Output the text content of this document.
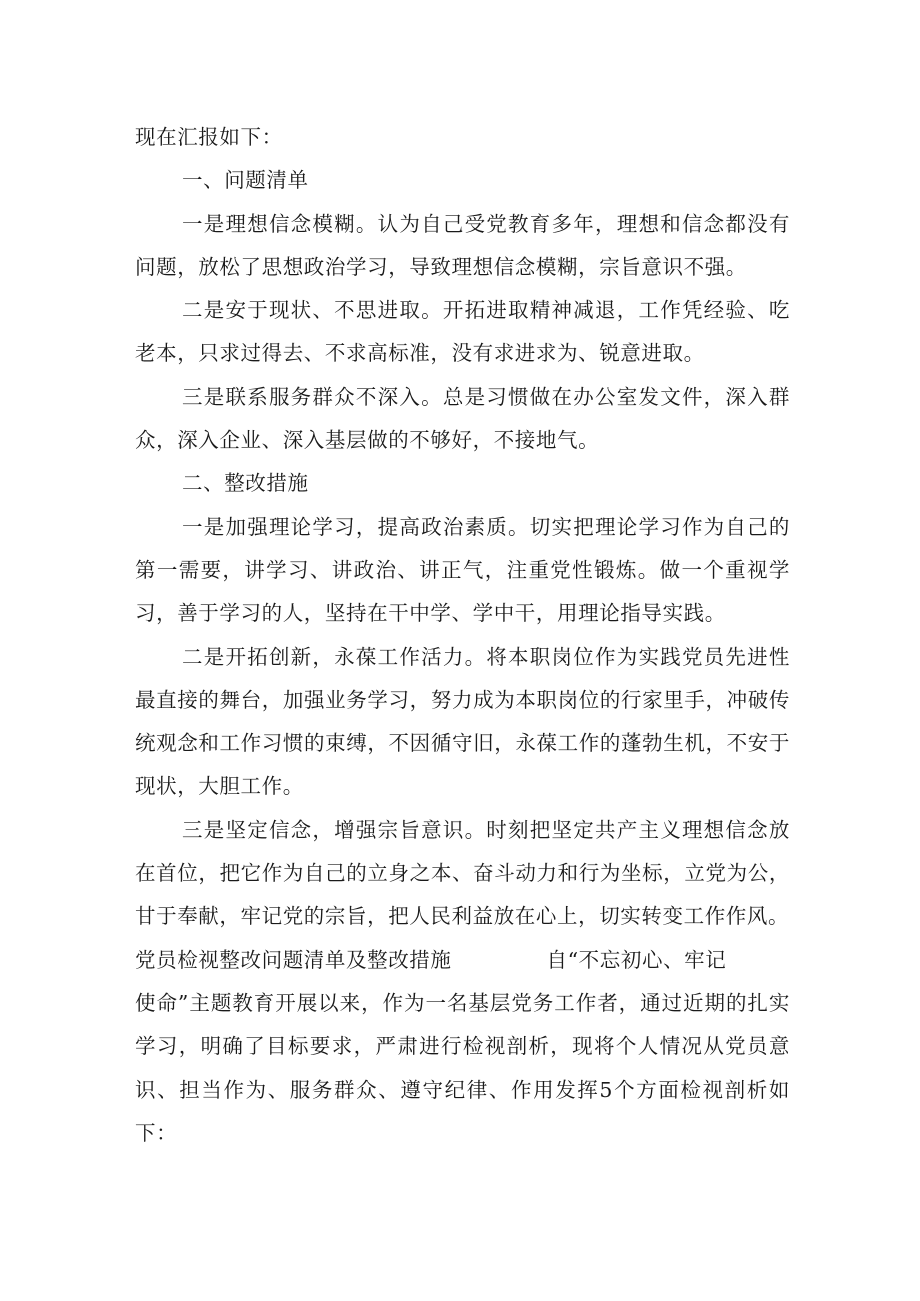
现在汇报如下：

一、问题清单

一是理想信念模糊。认为自己受党教育多年，理想和信念都没有问题，放松了思想政治学习，导致理想信念模糊，宗旨意识不强。

二是安于现状、不思进取。开拓进取精神减退，工作凭经验、吃老本，只求过得去、不求高标准，没有求进求为、锐意进取。

三是联系服务群众不深入。总是习惯做在办公室发文件，深入群众，深入企业、深入基层做的不够好，不接地气。

二、整改措施

一是加强理论学习，提高政治素质。切实把理论学习作为自己的第一需要，讲学习、讲政治、讲正气，注重党性锻炼。做一个重视学习，善于学习的人，坚持在干中学、学中干，用理论指导实践。

二是开拓创新，永葆工作活力。将本职岗位作为实践党员先进性最直接的舞台，加强业务学习，努力成为本职岗位的行家里手，冲破传统观念和工作习惯的束缚，不因循守旧，永葆工作的蓬勃生机，不安于现状，大胆工作。

三是坚定信念，增强宗旨意识。时刻把坚定共产主义理想信念放在首位，把它作为自己的立身之本、奋斗动力和行为坐标，立党为公，甘于奉献，牢记党的宗旨，把人民利益放在心上，切实转变工作作风。

党员检视整改问题清单及整改措施	自“不忘初心、牢记

使命”主题教育开展以来，作为一名基层党务工作者，通过近期的扎实学习，明确了目标要求，严肃进行检视剖析，现将个人情况从党员意识、担当作为、服务群众、遵守纪律、作用发挥5个方面检视剖析如下：
